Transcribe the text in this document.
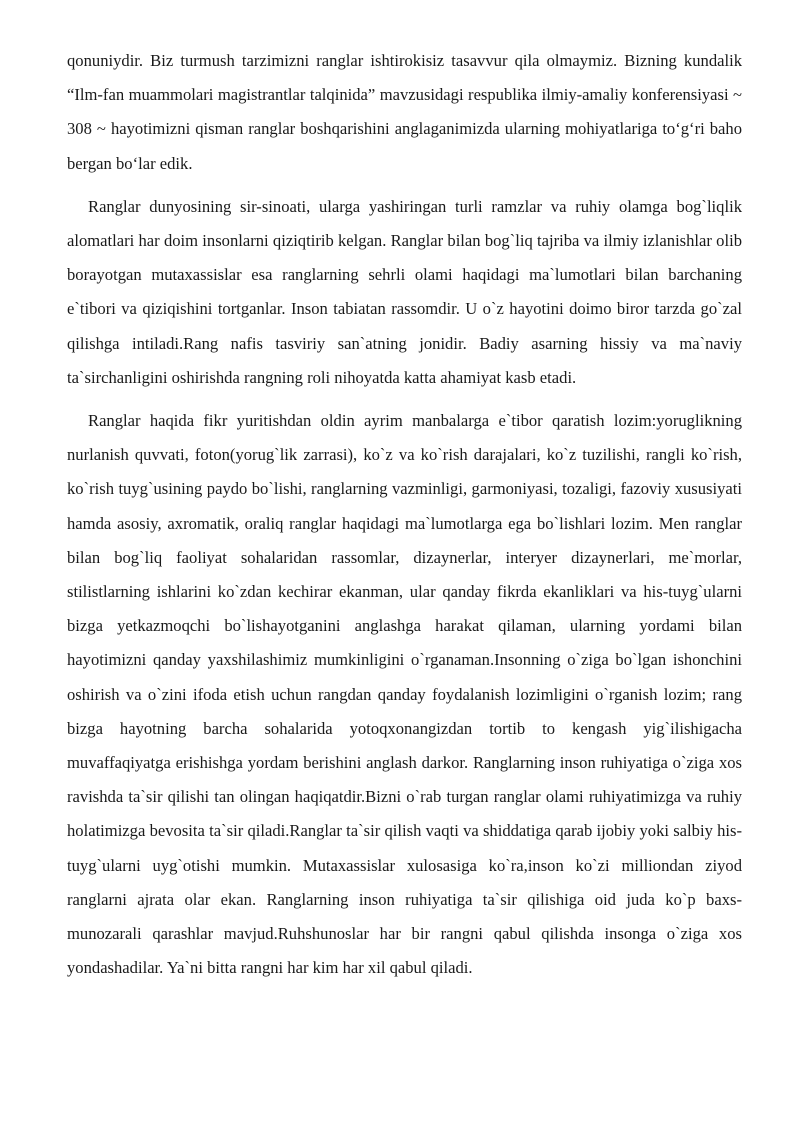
qonuniydir. Biz turmush tarzimizni ranglar ishtirokisiz tasavvur qila olmaymiz. Bizning kundalik “Ilm-fan muammolari magistrantlar talqinida” mavzusidagi respublika ilmiy-amaliy konferensiyasi ~ 308 ~ hayotimizni qisman ranglar boshqarishini anglaganimizda ularning mohiyatlariga to‘g‘ri baho bergan bo‘lar edik.

Ranglar dunyosining sir-sinoati, ularga yashiringan turli ramzlar va ruhiy olamga bog`liqlik alomatlari har doim insonlarni qiziqtirib kelgan. Ranglar bilan bog`liq tajriba va ilmiy izlanishlar olib borayotgan mutaxassislar esa ranglarning sehrli olami haqidagi ma`lumotlari bilan barchaning e`tibori va qiziqishini tortganlar. Inson tabiatan rassomdir. U o`z hayotini doimo biror tarzda go`zal qilishga intiladi.Rang nafis tasviriy san`atning jonidir. Badiy asarning hissiy va ma`naviy ta`sirchanligini oshirishda rangning roli nihoyatda katta ahamiyat kasb etadi.

Ranglar haqida fikr yuritishdan oldin ayrim manbalarga e`tibor qaratish lozim:yoruglikning nurlanish quvvati, foton(yorug`lik zarrasi), ko`z va ko`rish darajalari, ko`z tuzilishi, rangli ko`rish, ko`rish tuyg`usining paydo bo`lishi, ranglarning vazminligi, garmoniyasi, tozaligi, fazoviy xususiyati hamda asosiy, axromatik, oraliq ranglar haqidagi ma`lumotlarga ega bo`lishlari lozim. Men ranglar bilan bog`liq faoliyat sohalaridan rassomlar, dizaynerlar, interyer dizaynerlari, me`morlar, stilistlarning ishlarini ko`zdan kechirar ekanman, ular qanday fikrda ekanliklari va his-tuyg`ularni bizga yetkazmoqchi bo`lishayotganini anglashga harakat qilaman, ularning yordami bilan hayotimizni qanday yaxshilashimiz mumkinligini o`rganaman.Insonning o`ziga bo`lgan ishonchini oshirish va o`zini ifoda etish uchun rangdan qanday foydalanish lozimligini o`rganish lozim; rang bizga hayotning barcha sohalarida yotoqxonangizdan tortib to kengash yig`ilishigacha muvaffaqiyatga erishishga yordam berishini anglash darkor. Ranglarning inson ruhiyatiga o`ziga xos ravishda ta`sir qilishi tan olingan haqiqatdir.Bizni o`rab turgan ranglar olami ruhiyatimizga va ruhiy holatimizga bevosita ta`sir qiladi.Ranglar ta`sir qilish vaqti va shiddatiga qarab ijobiy yoki salbiy his-tuyg`ularni uyg`otishi mumkin. Mutaxassislar xulosasiga ko`ra,inson ko`zi milliondan ziyod ranglarni ajrata olar ekan. Ranglarning inson ruhiyatiga ta`sir qilishiga oid juda ko`p baxs-munozarali qarashlar mavjud.Ruhshunoslar har bir rangni qabul qilishda insonga o`ziga xos yondashadilar. Ya`ni bitta rangni har kim har xil qabul qiladi.
